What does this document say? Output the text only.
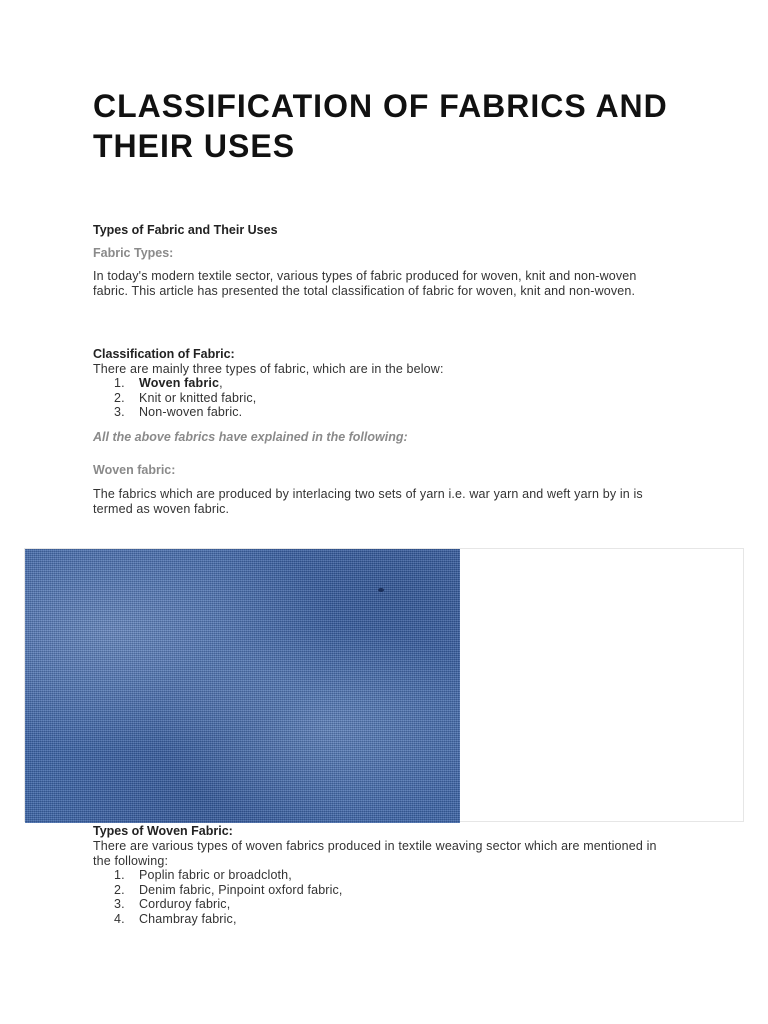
CLASSIFICATION OF FABRICS AND THEIR USES

Types of Fabric and Their Uses

Fabric Types:

In today's modern textile sector, various types of fabric produced for woven, knit and non-woven fabric. This article has presented the total classification of fabric for woven, knit and non-woven.

Classification of Fabric:

There are mainly three types of fabric, which are in the below:

1. Woven fabric,
2. Knit or knitted fabric,
3. Non-woven fabric.

All the above fabrics have explained in the following:

Woven fabric:

The fabrics which are produced by interlacing two sets of yarn i.e. war yarn and weft yarn by in is termed as woven fabric.

Types of Woven Fabric:

There are various types of woven fabrics produced in textile weaving sector which are mentioned in the following:

1. Poplin fabric or broadcloth,
2. Denim fabric, Pinpoint oxford fabric,
3. Corduroy fabric,
4. Chambray fabric,
